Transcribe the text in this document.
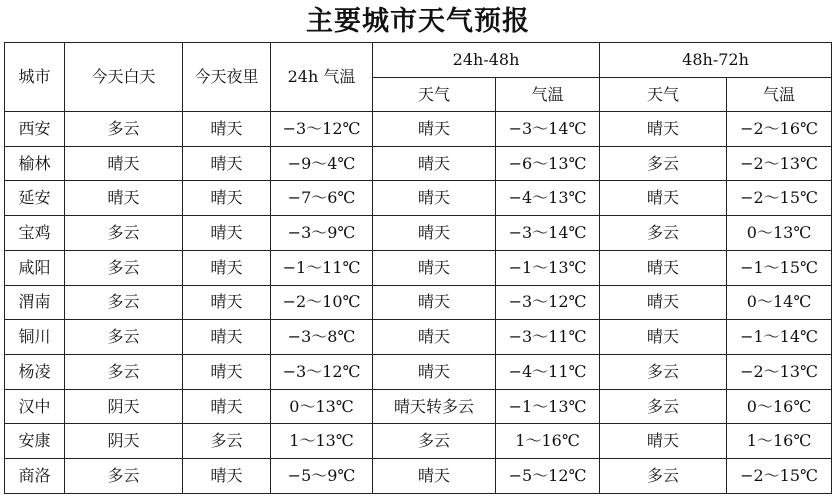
主要城市天气预报
城市	今天白天	今天夜里	24h 气温	24h-48h		48h-72h	
				天气	气温	天气	气温
西安	多云	晴天	−3～12℃	晴天	−3～14℃	晴天	−2～16℃
榆林	晴天	晴天	−9～4℃	晴天	−6～13℃	多云	−2～13℃
延安	晴天	晴天	−7～6℃	晴天	−4～13℃	晴天	−2～15℃
宝鸡	多云	晴天	−3～9℃	晴天	−3～14℃	多云	0～13℃
咸阳	多云	晴天	−1～11℃	晴天	−1～13℃	晴天	−1～15℃
渭南	多云	晴天	−2～10℃	晴天	−3～12℃	晴天	0～14℃
铜川	多云	晴天	−3～8℃	晴天	−3～11℃	晴天	−1～14℃
杨凌	多云	晴天	−3～12℃	晴天	−4～11℃	多云	−2～13℃
汉中	阴天	晴天	0～13℃	晴天转多云	−1～13℃	多云	0～16℃
安康	阴天	多云	1～13℃	多云	1～16℃	晴天	1～16℃
商洛	多云	晴天	−5～9℃	晴天	−5～12℃	多云	−2～15℃
